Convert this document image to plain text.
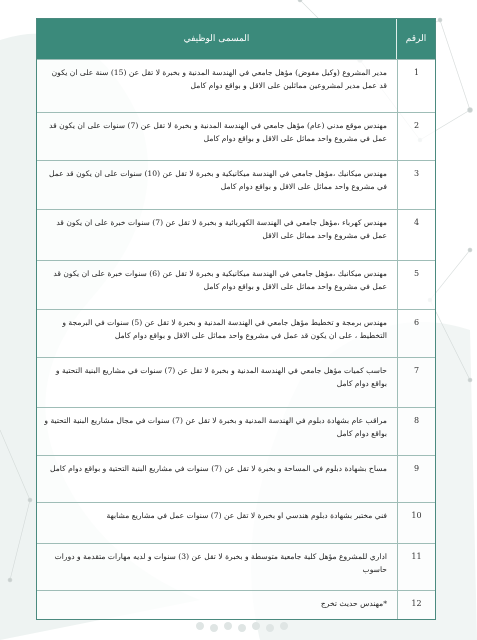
الرقم
المسمى الوظيفي
1
مدير المشروع (وكيل مفوض) مؤهل جامعي في الهندسة المدنية و بخبرة لا تقل عن (15) سنة على ان يكون قد عمل مدير لمشروعين مماثلين على الاقل و بواقع دوام كامل
2
مهندس موقع مدني (عام) مؤهل جامعي في الهندسة المدنية و بخبرة لا تقل عن (7) سنوات على ان يكون قد عمل في مشروع واحد مماثل على الاقل و بواقع دوام كامل
3
مهندس ميكانيك ،مؤهل جامعي في الهندسة ميكانيكية و بخبرة لا تقل عن (10) سنوات على ان يكون قد عمل في مشروع واحد مماثل على الاقل و بواقع دوام كامل
4
مهندس كهرباء ،مؤهل جامعي في الهندسة الكهربائية و بخبرة لا تقل عن (7) سنوات خبرة على ان يكون قد عمل في مشروع واحد مماثل على الاقل
5
مهندس ميكانيك ،مؤهل جامعي في الهندسة ميكانيكية و بخبرة لا تقل عن (6) سنوات خبرة على ان يكون قد عمل في مشروع واحد مماثل على الاقل و بواقع دوام كامل
6
مهندس برمجة و تخطيط مؤهل جامعي في الهندسة المدنية و بخبرة لا تقل عن (5) سنوات في البرمجة و التخطيط ، على ان يكون قد عمل في مشروع واحد مماثل على الاقل و بواقع دوام كامل
7
حاسب كميات مؤهل جامعي في الهندسة المدنية و بخبرة لا تقل عن (7) سنوات في مشاريع البنية التحتية و بواقع دوام كامل
8
مراقب عام بشهادة دبلوم في الهندسة المدنية و بخبرة لا تقل عن (7) سنوات في مجال مشاريع البنية التحتية و بواقع دوام كامل
9
مساح بشهادة دبلوم في المساحة و بخبرة لا تقل عن (7) سنوات في مشاريع البنية التحتية و بواقع دوام كامل
10
فني مختبر بشهادة دبلوم هندسي او بخبرة لا تقل عن (7) سنوات عمل في مشاريع مشابهة
11
اداري للمشروع مؤهل كلية جامعية متوسطة و بخبرة لا تقل عن (3) سنوات و لديه مهارات متقدمة و دورات حاسوب
12
*مهندس حديث تخرج
